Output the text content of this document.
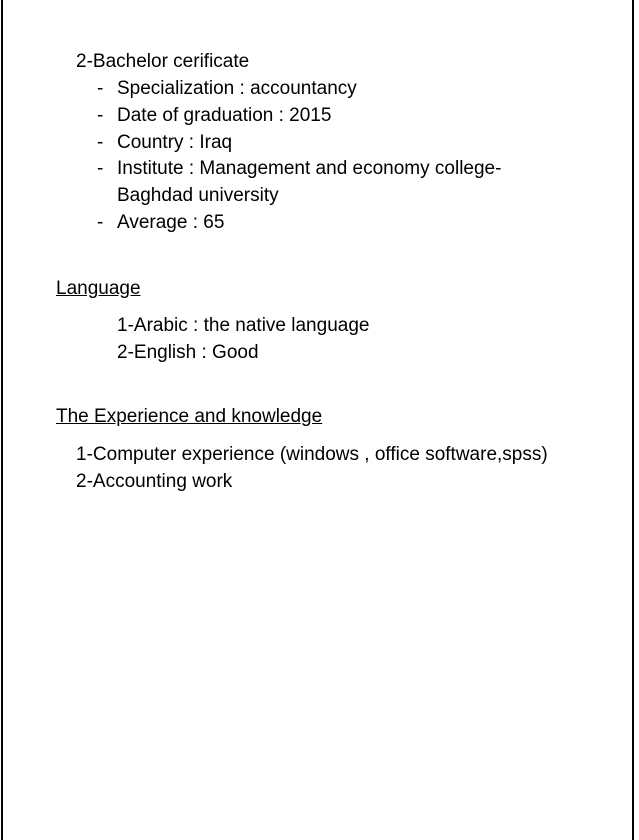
2-Bachelor cerificate
- Specialization : accountancy
- Date of graduation : 2015
- Country : Iraq
- Institute : Management and economy college-
Baghdad university
- Average : 65
Language
1-Arabic : the native language
2-English : Good
The Experience and knowledge
1-Computer experience (windows , office software,spss)
2-Accounting work
